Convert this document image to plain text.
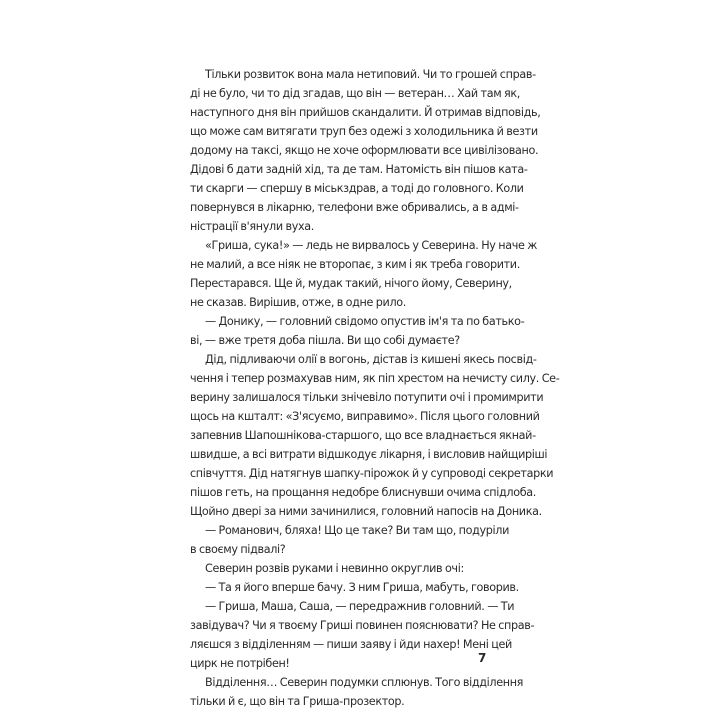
Тільки розвиток вона мала нетиповий. Чи то грошей справ-
ді не було, чи то дід згадав, що він — ветеран… Хай там як,
наступного дня він прийшов скандалити. Й отримав відповідь,
що може сам витягати труп без одежі з холодильника й везти
додому на таксі, якщо не хоче оформлювати все цивілізовано.
Дідові б дати задній хід, та де там. Натомість він пішов ката-
ти скарги — спершу в міськздрав, а тоді до головного. Коли
повернувся в лікарню, телефони вже обривались, а в адмі-
ністрації в'янули вуха.
«Гриша, сука!» — ледь не вирвалось у Северина. Ну наче ж
не малий, а все ніяк не второпає, з ким і як треба говорити.
Перестарався. Ще й, мудак такий, нічого йому, Северину,
не сказав. Вирішив, отже, в одне рило.
— Донику, — головний свідомо опустив ім'я та по батько-
ві, — вже третя доба пішла. Ви що собі думаєте?
Дід, підливаючи олії в вогонь, дістав із кишені якесь посвід-
чення і тепер розмахував ним, як піп хрестом на нечисту силу. Се-
верину залишалося тільки знічевіло потупити очі і промимрити
щось на кшталт: «З'ясуємо, виправимо». Після цього головний
запевнив Шапошнікова-старшого, що все владнається якнай-
швидше, а всі витрати відшкодує лікарня, і висловив найщиріші
співчуття. Дід натягнув шапку-пірожок й у супроводі секретарки
пішов геть, на прощання недобре блиснувши очима спідлоба.
Щойно двері за ними зачинилися, головний напосів на Доника.
— Романович, бляха! Що це таке? Ви там що, подуріли
в своєму підвалі?
Северин розвів руками і невинно округлив очі:
— Та я його вперше бачу. З ним Гриша, мабуть, говорив.
— Гриша, Маша, Саша, — передражнив головний. — Ти
завідувач? Чи я твоєму Гриші повинен пояснювати? Не справ-
ляєшся з відділенням — пиши заяву і йди нахер! Мені цей
цирк не потрібен!
Відділення… Северин подумки сплюнув. Того відділення
тільки й є, що він та Гриша-прозектор.
7
